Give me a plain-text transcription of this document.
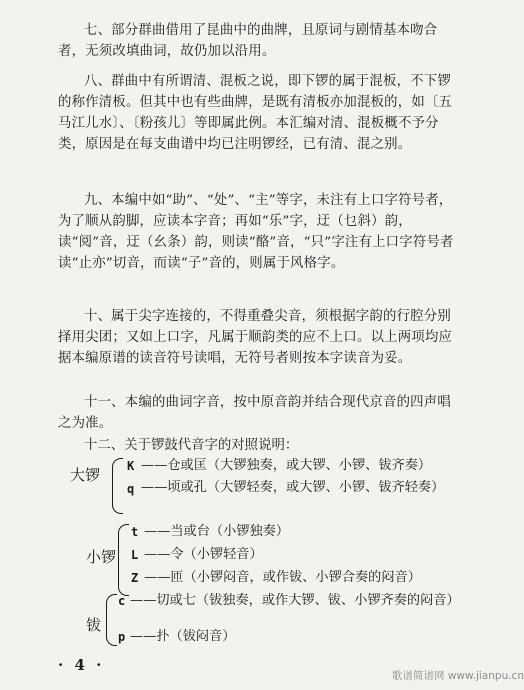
七、部分群曲借用了昆曲中的曲牌，且原词与剧情基本吻合者，无须改填曲词，故仍加以沿用。

八、群曲中有所谓清、混板之说，即下锣的属于混板，不下锣的称作清板。但其中也有些曲牌，是既有清板亦加混板的，如〔五马江儿水〕、〔粉孩儿〕等即属此例。本汇编对清、混板概不予分类，原因是在每支曲谱中均已注明锣经，已有清、混之别。

九、本编中如“助”、“处”、“主”等字，未注有上口字符号者，为了顺从韵脚，应读本字音；再如“乐”字，迂（乜斜）韵，读“阅”音，迂（幺条）韵，则读“酪”音，“只”字注有上口字符号者读“止亦”切音，而读“子”音的，则属于风格字。

十、属于尖字连接的，不得重叠尖音，须根据字韵的行腔分别择用尖团；又如上口字，凡属于顺韵类的应不上口。以上两项均应据本编原谱的读音符号读唱，无符号者则按本字读音为妥。

十一、本编的曲词字音，按中原音韵并结合现代京音的四声唱之为准。

十二、关于锣鼓代音字的对照说明：

大锣 K ——仓或匡（大锣独奏，或大锣、小锣、钹齐奏）
q ——顷或孔（大锣轻奏，或大锣、小锣、钹齐轻奏）
小锣
t ——当或台（小锣独奏）
L ——令（小锣轻音）
Z ——匝（小锣闷音，或作钹、小锣合奏的闷音）
钹
c ——切或七（钹独奏，或作大锣、钹、小锣齐奏的闷音）
p ——扑（钹闷音）
· 4 ·
歌谱简谱网 www.jianpu.cn
